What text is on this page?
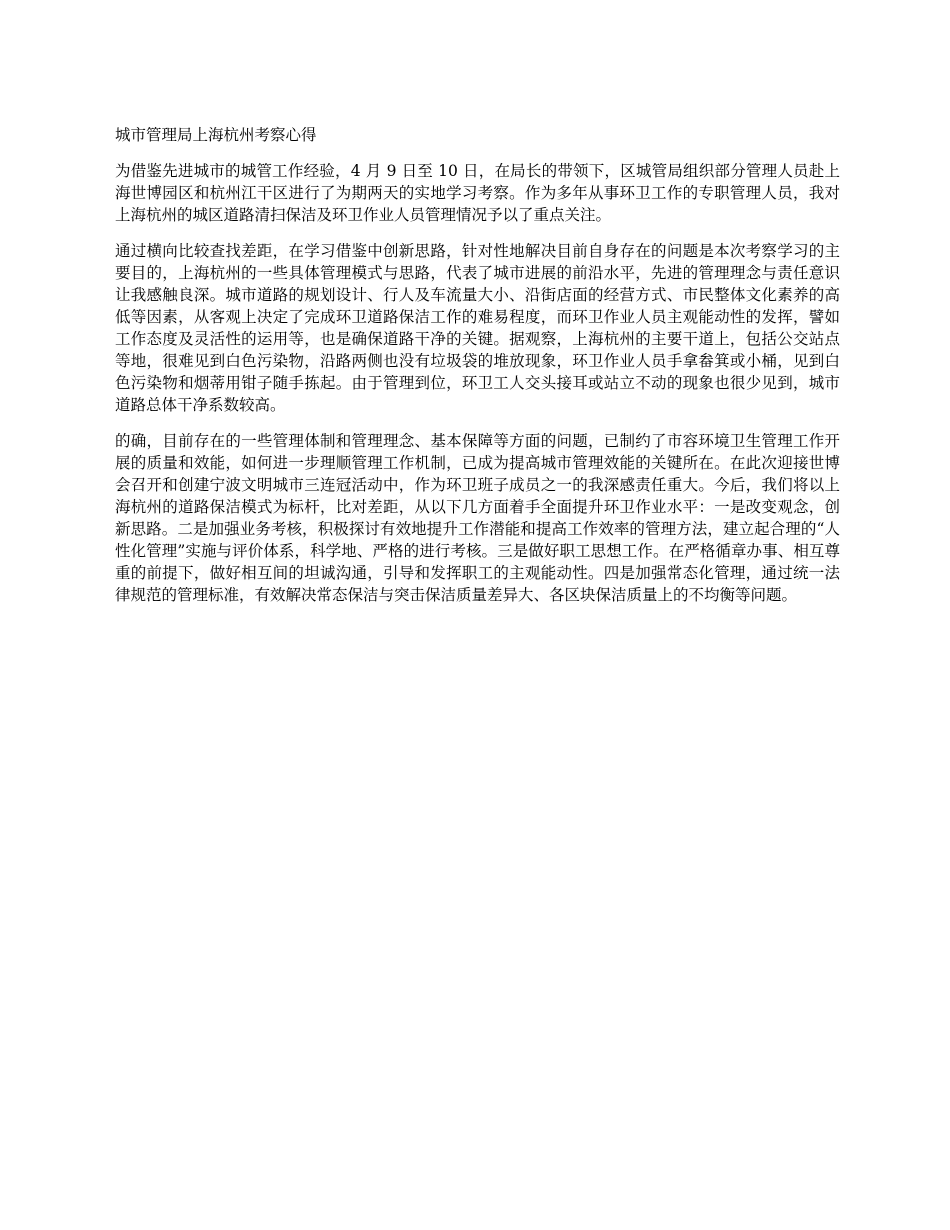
城市管理局上海杭州考察心得

为借鉴先进城市的城管工作经验，4 月 9 日至 10 日，在局长的带领下，区城管局组织部分管理人员赴上海世博园区和杭州江干区进行了为期两天的实地学习考察。作为多年从事环卫工作的专职管理人员，我对上海杭州的城区道路清扫保洁及环卫作业人员管理情况予以了重点关注。

通过横向比较查找差距，在学习借鉴中创新思路，针对性地解决目前自身存在的问题是本次考察学习的主要目的，上海杭州的一些具体管理模式与思路，代表了城市进展的前沿水平，先进的管理理念与责任意识让我感触良深。城市道路的规划设计、行人及车流量大小、沿街店面的经营方式、市民整体文化素养的高低等因素，从客观上决定了完成环卫道路保洁工作的难易程度，而环卫作业人员主观能动性的发挥，譬如工作态度及灵活性的运用等，也是确保道路干净的关键。据观察，上海杭州的主要干道上，包括公交站点等地，很难见到白色污染物，沿路两侧也没有垃圾袋的堆放现象，环卫作业人员手拿畚箕或小桶，见到白色污染物和烟蒂用钳子随手拣起。由于管理到位，环卫工人交头接耳或站立不动的现象也很少见到，城市道路总体干净系数较高。

的确，目前存在的一些管理体制和管理理念、基本保障等方面的问题，已制约了市容环境卫生管理工作开展的质量和效能，如何进一步理顺管理工作机制，已成为提高城市管理效能的关键所在。在此次迎接世博会召开和创建宁波文明城市三连冠活动中，作为环卫班子成员之一的我深感责任重大。今后，我们将以上海杭州的道路保洁模式为标杆，比对差距，从以下几方面着手全面提升环卫作业水平：一是改变观念，创新思路。二是加强业务考核，积极探讨有效地提升工作潜能和提高工作效率的管理方法，建立起合理的“人性化管理”实施与评价体系，科学地、严格的进行考核。三是做好职工思想工作。在严格循章办事、相互尊重的前提下，做好相互间的坦诚沟通，引导和发挥职工的主观能动性。四是加强常态化管理，通过统一法律规范的管理标准，有效解决常态保洁与突击保洁质量差异大、各区块保洁质量上的不均衡等问题。
